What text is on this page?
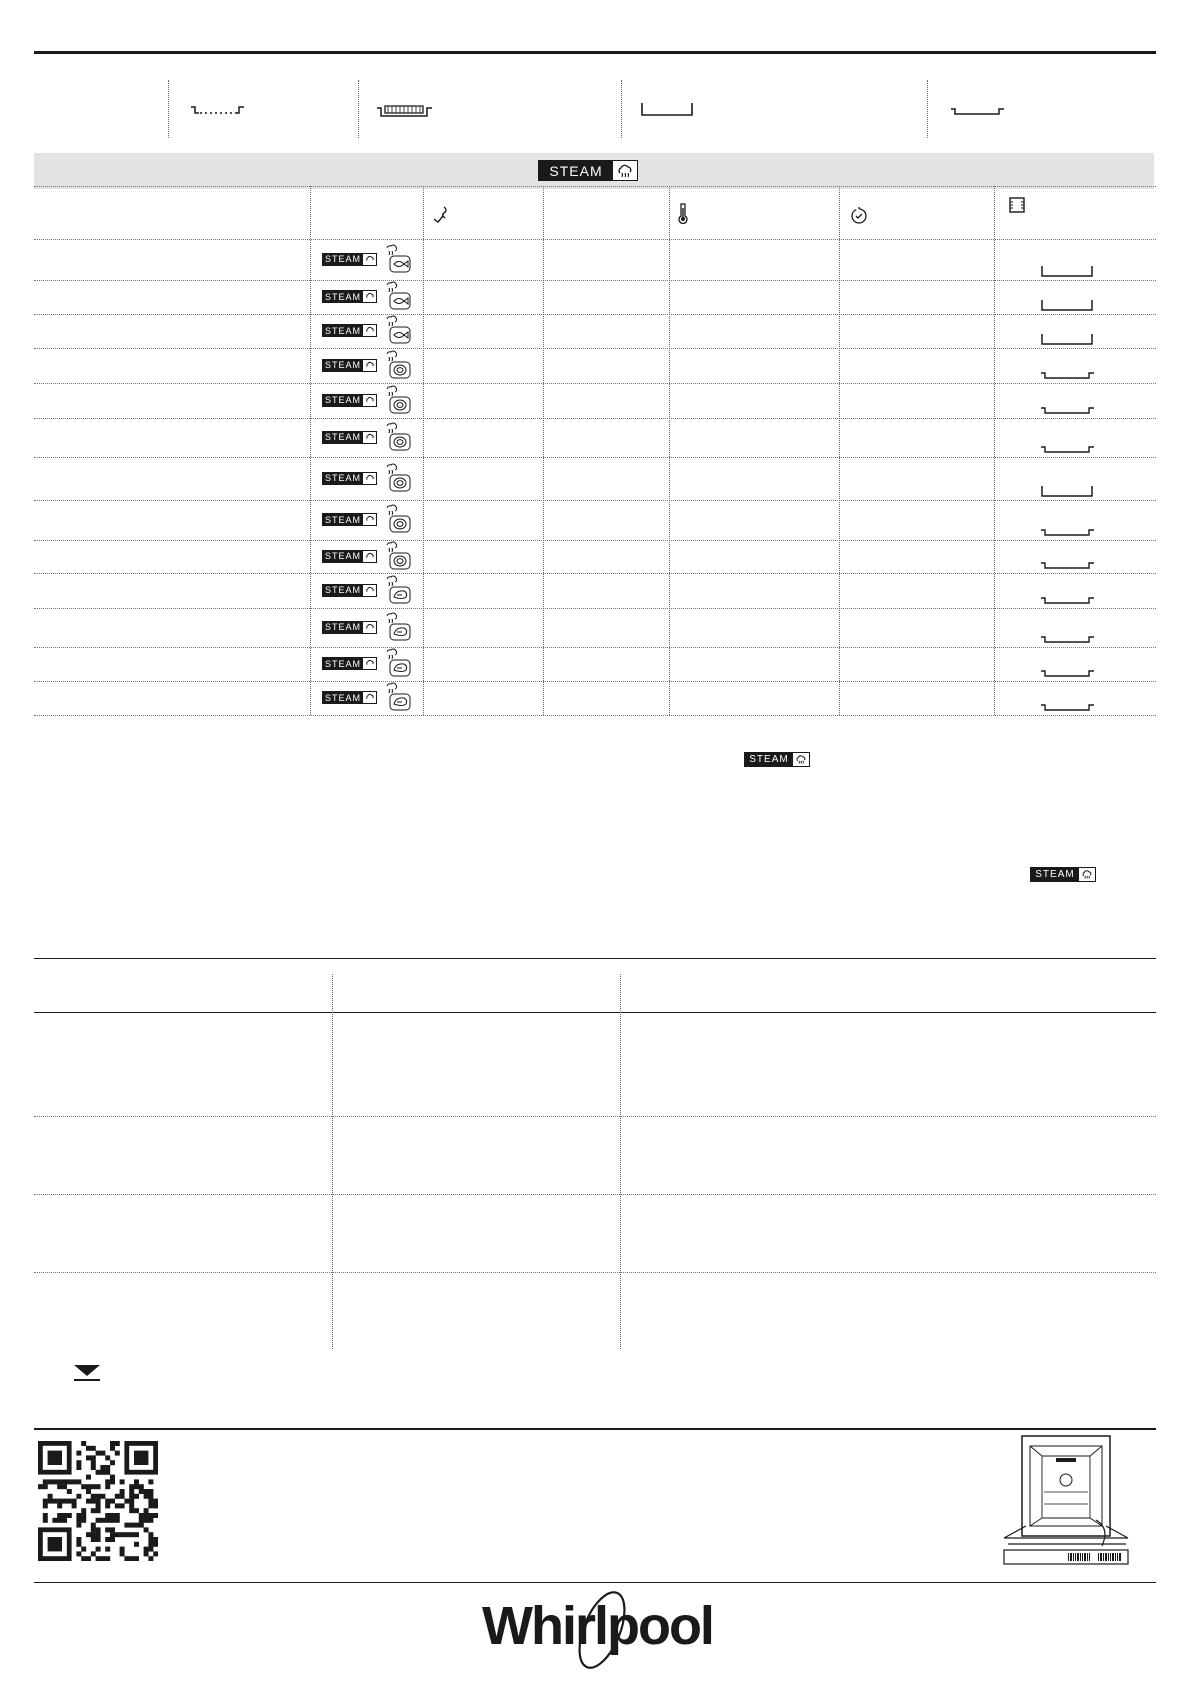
STEAM
STEAM
STEAM
STEAM
STEAM
STEAM
STEAM
STEAM
STEAM
STEAM
STEAM
STEAM
STEAM
STEAM
STEAM
STEAM
Whirlpool
